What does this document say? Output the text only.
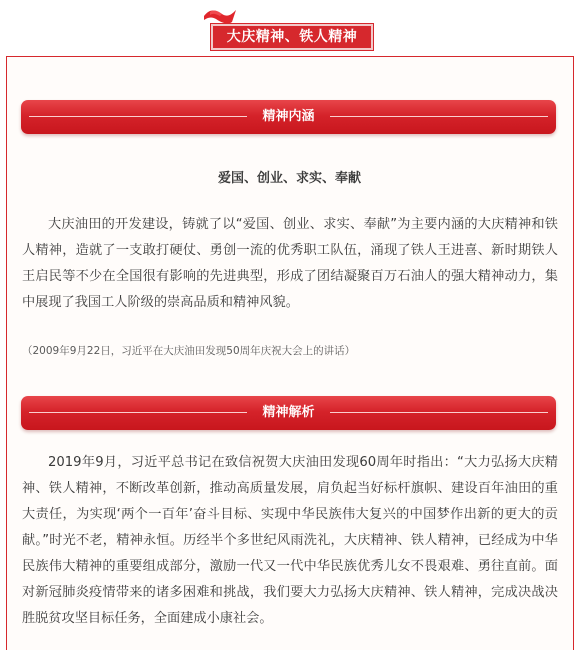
大庆精神、铁人精神
精神内涵
爱国、创业、求实、奉献
大庆油田的开发建设，铸就了以“爱国、创业、求实、奉献”为主要内涵的大庆精神和铁人精神，造就了一支敢打硬仗、勇创一流的优秀职工队伍，涌现了铁人王进喜、新时期铁人王启民等不少在全国很有影响的先进典型，形成了团结凝聚百万石油人的强大精神动力，集中展现了我国工人阶级的崇高品质和精神风貌。
（2009年9月22日，习近平在大庆油田发现50周年庆祝大会上的讲话）
精神解析
2019年9月，习近平总书记在致信祝贺大庆油田发现60周年时指出：“大力弘扬大庆精神、铁人精神，不断改革创新，推动高质量发展，肩负起当好标杆旗帜、建设百年油田的重大责任，为实现‘两个一百年’奋斗目标、实现中华民族伟大复兴的中国梦作出新的更大的贡献。”时光不老，精神永恒。历经半个多世纪风雨洗礼，大庆精神、铁人精神，已经成为中华民族伟大精神的重要组成部分，激励一代又一代中华民族优秀儿女不畏艰难、勇往直前。面对新冠肺炎疫情带来的诸多困难和挑战，我们要大力弘扬大庆精神、铁人精神，完成决战决胜脱贫攻坚目标任务，全面建成小康社会。
